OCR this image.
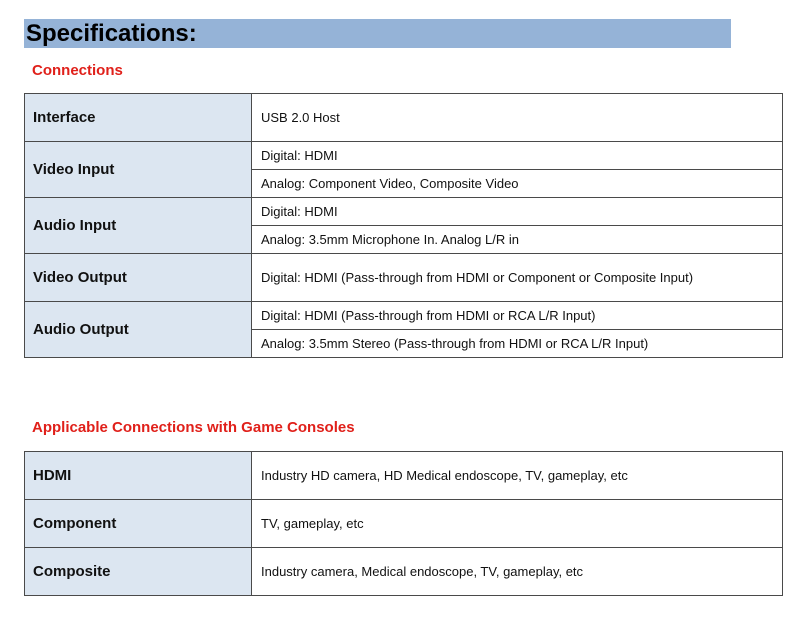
Specifications:
Connections
Interface	USB 2.0 Host
Video Input	Digital: HDMI
	Analog: Component Video, Composite Video
Audio Input	Digital: HDMI
	Analog: 3.5mm Microphone In. Analog L/R in
Video Output	Digital: HDMI (Pass-through from HDMI or Component or Composite Input)
Audio Output	Digital: HDMI (Pass-through from HDMI or RCA L/R Input)
	Analog: 3.5mm Stereo (Pass-through from HDMI or RCA L/R Input)
Applicable Connections with Game Consoles
HDMI	Industry HD camera, HD Medical endoscope, TV, gameplay, etc
Component	TV, gameplay, etc
Composite	Industry camera, Medical endoscope, TV, gameplay, etc
